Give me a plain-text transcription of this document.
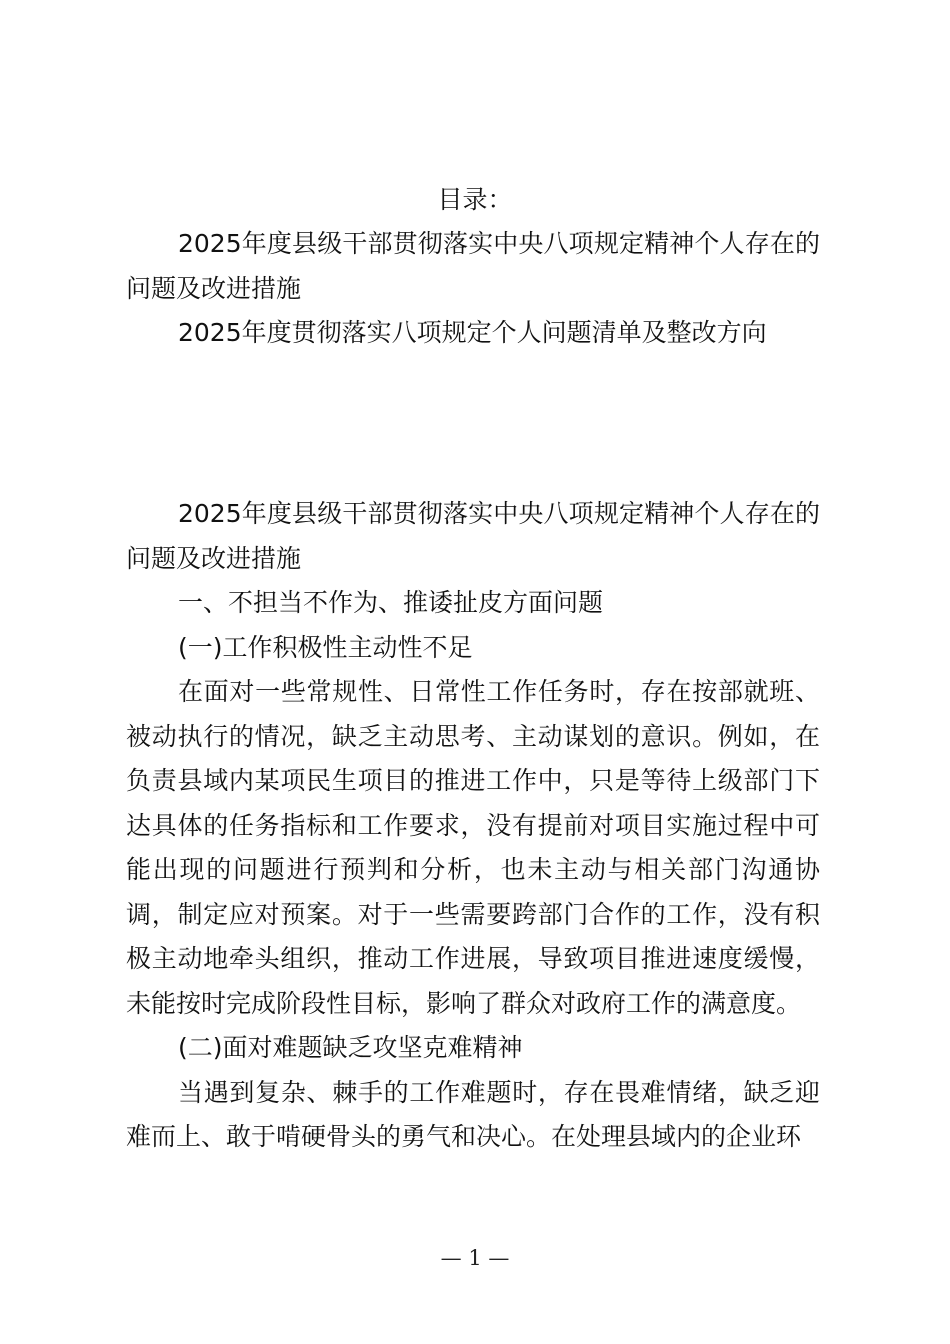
目录：

2025年度县级干部贯彻落实中央八项规定精神个人存在的问题及改进措施

2025年度贯彻落实八项规定个人问题清单及整改方向

2025年度县级干部贯彻落实中央八项规定精神个人存在的问题及改进措施

一、不担当不作为、推诿扯皮方面问题

(一)工作积极性主动性不足

在面对一些常规性、日常性工作任务时，存在按部就班、被动执行的情况，缺乏主动思考、主动谋划的意识。例如，在负责县域内某项民生项目的推进工作中，只是等待上级部门下达具体的任务指标和工作要求，没有提前对项目实施过程中可能出现的问题进行预判和分析，也未主动与相关部门沟通协调，制定应对预案。对于一些需要跨部门合作的工作，没有积极主动地牵头组织，推动工作进展，导致项目推进速度缓慢，未能按时完成阶段性目标，影响了群众对政府工作的满意度。

(二)面对难题缺乏攻坚克难精神

当遇到复杂、棘手的工作难题时，存在畏难情绪，缺乏迎难而上、敢于啃硬骨头的勇气和决心。在处理县域内的企业环

— 1 —
